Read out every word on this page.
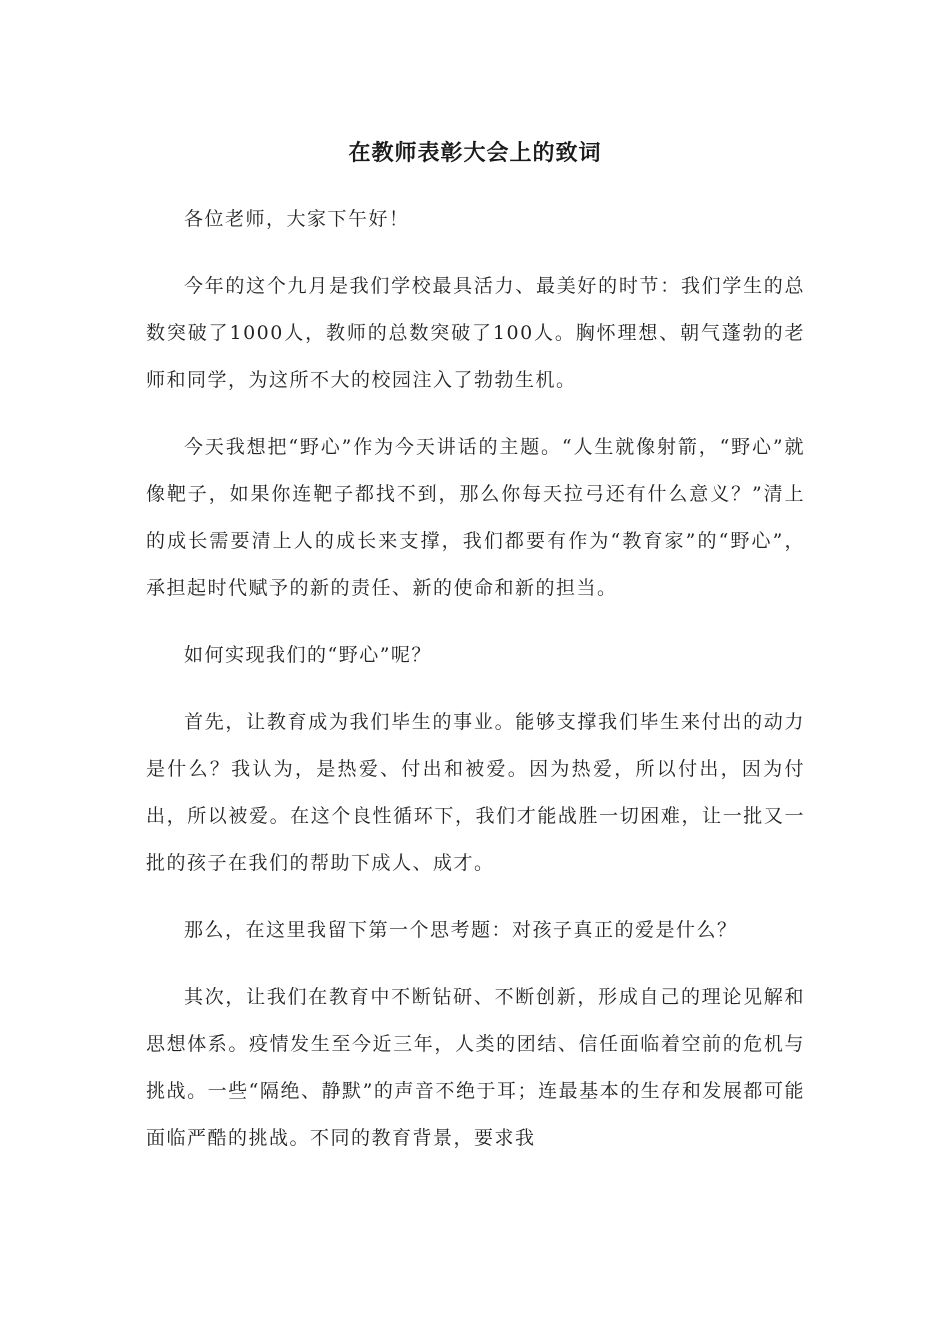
在教师表彰大会上的致词

各位老师，大家下午好！

今年的这个九月是我们学校最具活力、最美好的时节：我们学生的总数突破了1000人，教师的总数突破了100人。胸怀理想、朝气蓬勃的老师和同学，为这所不大的校园注入了勃勃生机。

今天我想把“野心”作为今天讲话的主题。“人生就像射箭，“野心”就像靶子，如果你连靶子都找不到，那么你每天拉弓还有什么意义？”清上的成长需要清上人的成长来支撑，我们都要有作为“教育家”的“野心”，承担起时代赋予的新的责任、新的使命和新的担当。

如何实现我们的“野心”呢？

首先，让教育成为我们毕生的事业。能够支撑我们毕生来付出的动力是什么？我认为，是热爱、付出和被爱。因为热爱，所以付出，因为付出，所以被爱。在这个良性循环下，我们才能战胜一切困难，让一批又一批的孩子在我们的帮助下成人、成才。

那么，在这里我留下第一个思考题：对孩子真正的爱是什么？

其次，让我们在教育中不断钻研、不断创新，形成自己的理论见解和思想体系。疫情发生至今近三年，人类的团结、信任面临着空前的危机与挑战。一些“隔绝、静默”的声音不绝于耳；连最基本的生存和发展都可能面临严酷的挑战。不同的教育背景，要求我
